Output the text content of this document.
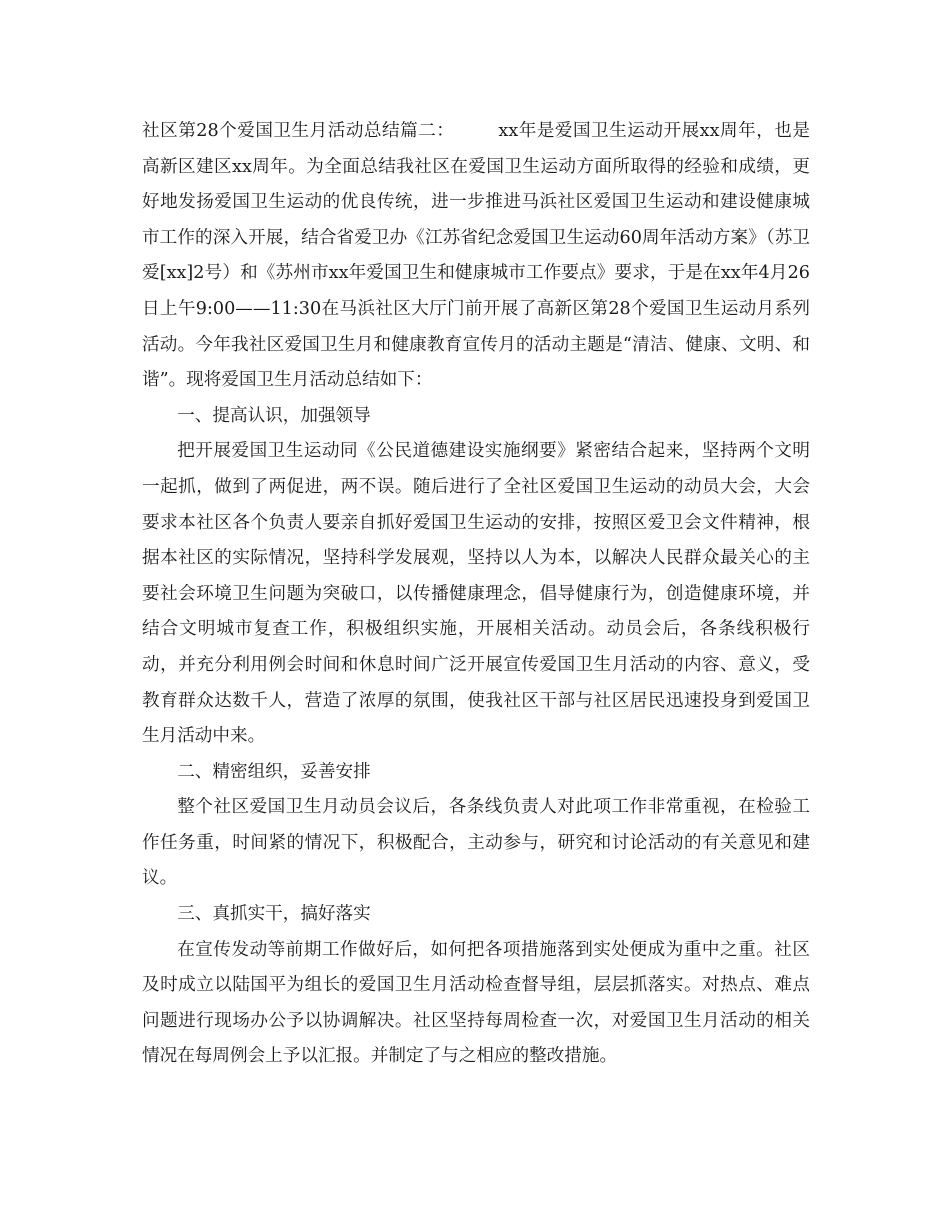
社区第28个爱国卫生月活动总结篇二：	xx年是爱国卫生运动开展xx周年，也是高新区建区xx周年。为全面总结我社区在爱国卫生运动方面所取得的经验和成绩，更好地发扬爱国卫生运动的优良传统，进一步推进马浜社区爱国卫生运动和建设健康城市工作的深入开展，结合省爱卫办《江苏省纪念爱国卫生运动60周年活动方案》（苏卫爱[xx]2号）和《苏州市xx年爱国卫生和健康城市工作要点》要求，于是在xx年4月26日上午9:00——11:30在马浜社区大厅门前开展了高新区第28个爱国卫生运动月系列活动。今年我社区爱国卫生月和健康教育宣传月的活动主题是“清洁、健康、文明、和谐”。现将爱国卫生月活动总结如下：

一、提高认识，加强领导

把开展爱国卫生运动同《公民道德建设实施纲要》紧密结合起来，坚持两个文明一起抓，做到了两促进，两不误。随后进行了全社区爱国卫生运动的动员大会，大会要求本社区各个负责人要亲自抓好爱国卫生运动的安排，按照区爱卫会文件精神，根据本社区的实际情况，坚持科学发展观，坚持以人为本，以解决人民群众最关心的主要社会环境卫生问题为突破口，以传播健康理念，倡导健康行为，创造健康环境，并结合文明城市复查工作，积极组织实施，开展相关活动。动员会后，各条线积极行动，并充分利用例会时间和休息时间广泛开展宣传爱国卫生月活动的内容、意义，受教育群众达数千人，营造了浓厚的氛围，使我社区干部与社区居民迅速投身到爱国卫生月活动中来。

二、精密组织，妥善安排

整个社区爱国卫生月动员会议后，各条线负责人对此项工作非常重视，在检验工作任务重，时间紧的情况下，积极配合，主动参与，研究和讨论活动的有关意见和建议。

三、真抓实干，搞好落实

在宣传发动等前期工作做好后，如何把各项措施落到实处便成为重中之重。社区及时成立以陆国平为组长的爱国卫生月活动检查督导组，层层抓落实。对热点、难点问题进行现场办公予以协调解决。社区坚持每周检查一次，对爱国卫生月活动的相关情况在每周例会上予以汇报。并制定了与之相应的整改措施。
